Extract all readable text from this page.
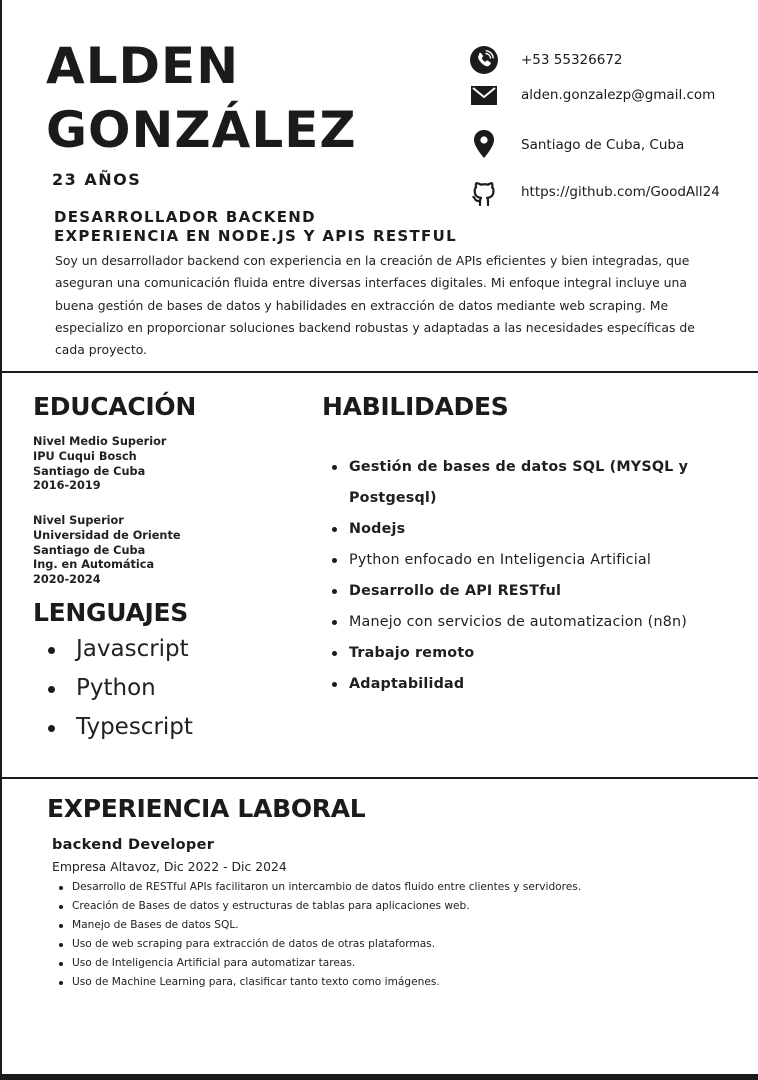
ALDEN
GONZÁLEZ
23 AÑOS
+53 55326672
alden.gonzalezp@gmail.com
Santiago de Cuba, Cuba
https://github.com/GoodAll24
DESARROLLADOR BACKEND
EXPERIENCIA EN NODE.JS Y APIS RESTFUL
Soy un desarrollador backend con experiencia en la creación de APIs eficientes y bien integradas, que aseguran una comunicación fluida entre diversas interfaces digitales. Mi enfoque integral incluye una buena gestión de bases de datos y habilidades en extracción de datos mediante web scraping. Me especializo en proporcionar soluciones backend robustas y adaptadas a las necesidades específicas de cada proyecto.
EDUCACIÓN
Nivel Medio Superior
IPU Cuqui Bosch
Santiago de Cuba
2016-2019
Nivel Superior
Universidad de Oriente
Santiago de Cuba
Ing. en Automática
2020-2024
LENGUAJES
Javascript
Python
Typescript
HABILIDADES
Gestión de bases de datos SQL (MYSQL y Postgesql)
Nodejs
Python enfocado en Inteligencia Artificial
Desarrollo de API RESTful
Manejo con servicios de automatizacion (n8n)
Trabajo remoto
Adaptabilidad
EXPERIENCIA LABORAL
backend Developer
Empresa Altavoz, Dic 2022 - Dic 2024
Desarrollo de RESTful APIs facilitaron un intercambio de datos fluido entre clientes y servidores.
Creación de Bases de datos y estructuras de tablas para aplicaciones web.
Manejo de Bases de datos SQL.
Uso de web scraping para extracción de datos de otras plataformas.
Uso de Inteligencia Artificial para automatizar tareas.
Uso de Machine Learning para, clasificar tanto texto como imágenes.
